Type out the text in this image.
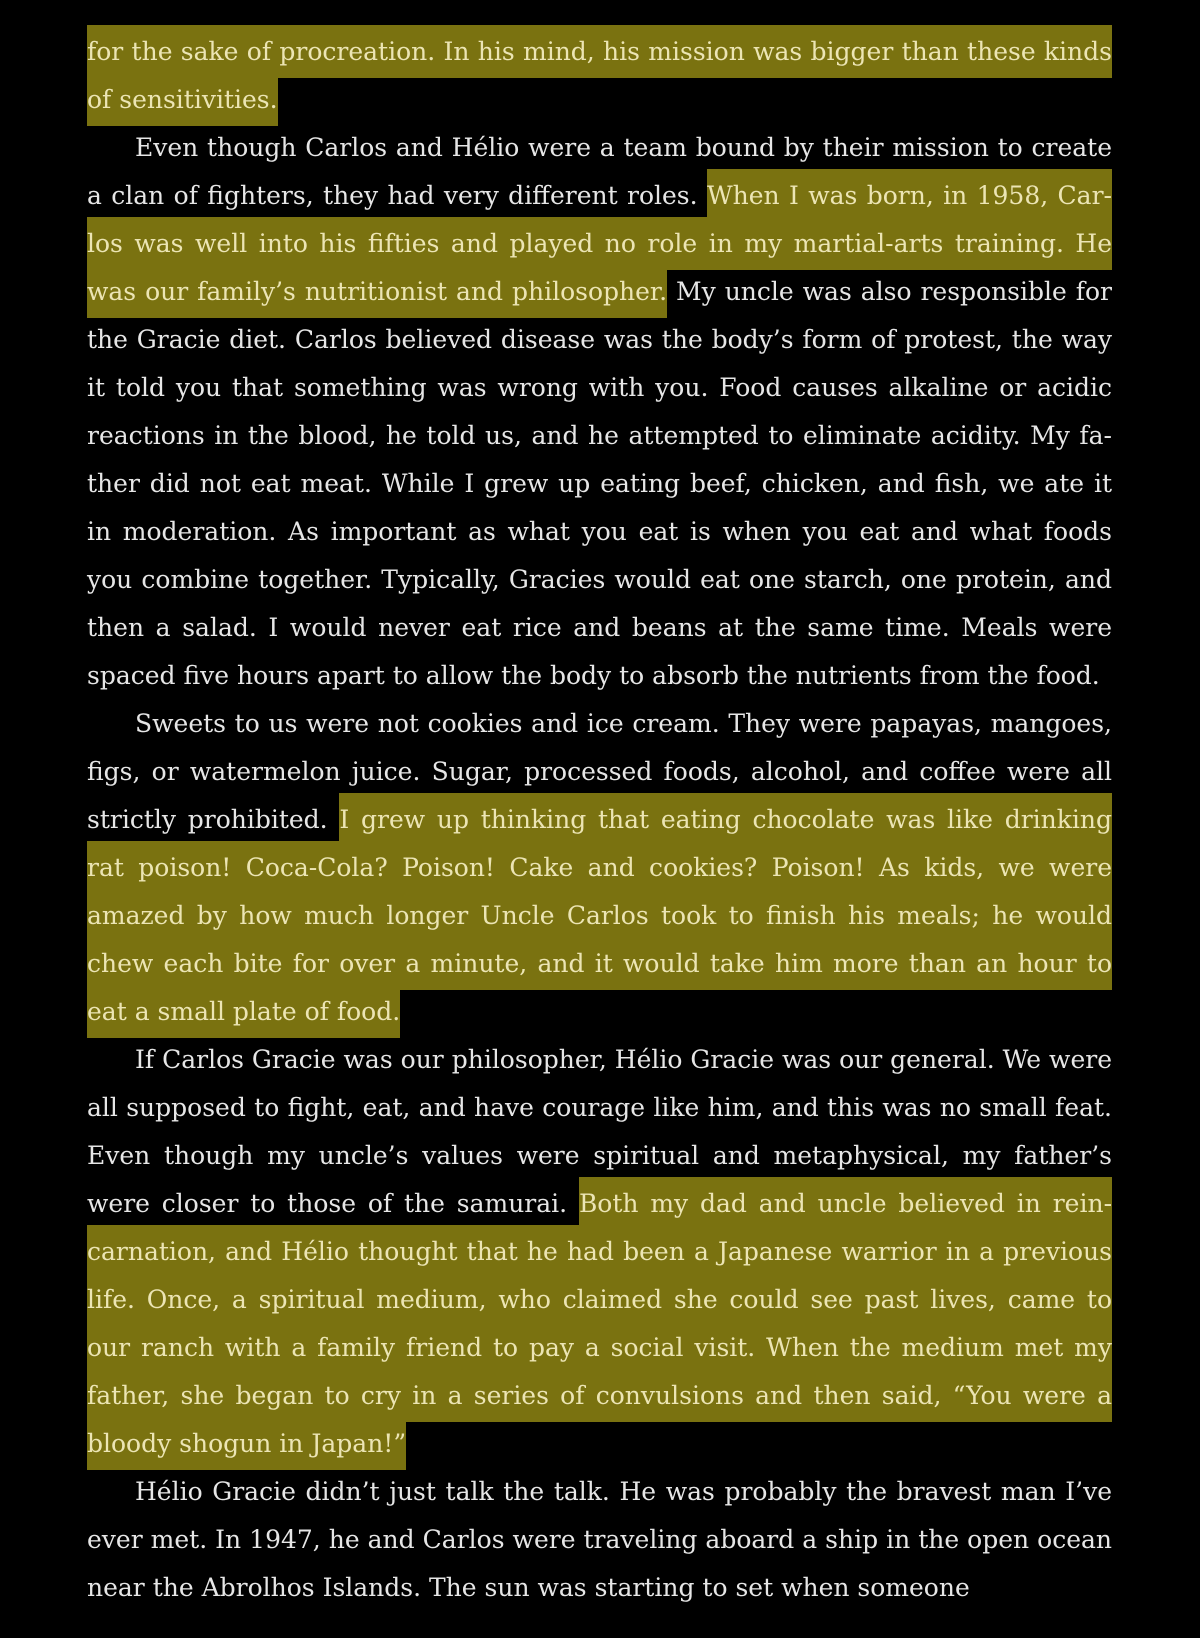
for the sake of procreation. In his mind, his mission was bigger than these kinds of sensitivities.

Even though Carlos and Hélio were a team bound by their mission to create a clan of fighters, they had very different roles. When I was born, in 1958, Carlos was well into his fifties and played no role in my martial-arts training. He was our family’s nutritionist and philosopher. My uncle was also responsible for the Gracie diet. Carlos believed disease was the body’s form of protest, the way it told you that something was wrong with you. Food causes alkaline or acidic reactions in the blood, he told us, and he attempted to eliminate acidity. My father did not eat meat. While I grew up eating beef, chicken, and fish, we ate it in moderation. As important as what you eat is when you eat and what foods you combine together. Typically, Gracies would eat one starch, one protein, and then a salad. I would never eat rice and beans at the same time. Meals were spaced five hours apart to allow the body to absorb the nutrients from the food.

Sweets to us were not cookies and ice cream. They were papayas, mangoes, figs, or watermelon juice. Sugar, processed foods, alcohol, and coffee were all strictly prohibited. I grew up thinking that eating chocolate was like drinking rat poison! Coca-Cola? Poison! Cake and cookies? Poison! As kids, we were amazed by how much longer Uncle Carlos took to finish his meals; he would chew each bite for over a minute, and it would take him more than an hour to eat a small plate of food.

If Carlos Gracie was our philosopher, Hélio Gracie was our general. We were all supposed to fight, eat, and have courage like him, and this was no small feat. Even though my uncle’s values were spiritual and metaphysical, my father’s were closer to those of the samurai. Both my dad and uncle believed in reincarnation, and Hélio thought that he had been a Japanese warrior in a previous life. Once, a spiritual medium, who claimed she could see past lives, came to our ranch with a family friend to pay a social visit. When the medium met my father, she began to cry in a series of convulsions and then said, “You were a bloody shogun in Japan!”

Hélio Gracie didn’t just talk the talk. He was probably the bravest man I’ve ever met. In 1947, he and Carlos were traveling aboard a ship in the open ocean near the Abrolhos Islands. The sun was starting to set when someone
